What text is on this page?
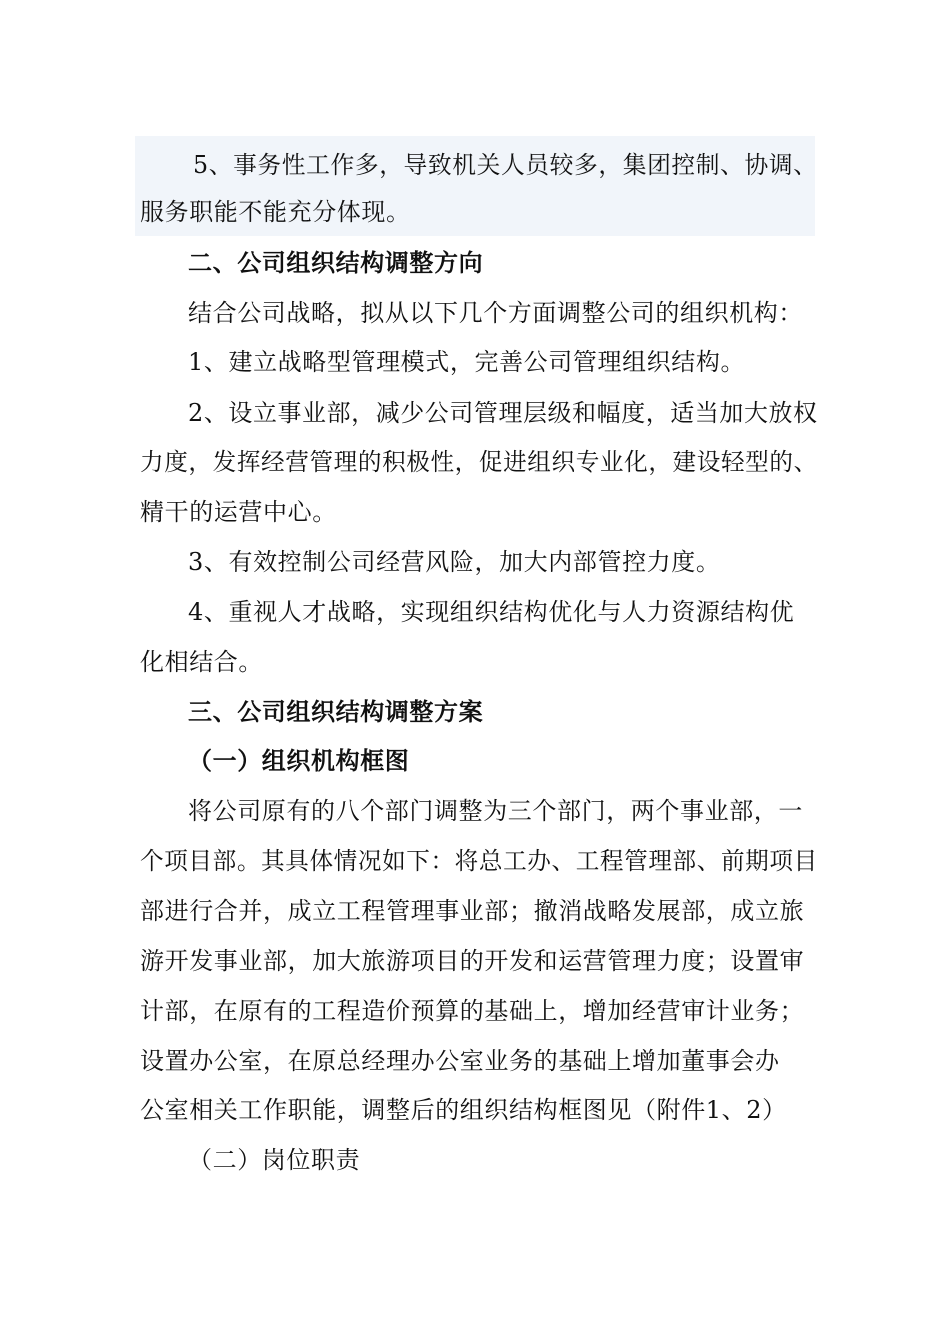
5、事务性工作多，导致机关人员较多，集团控制、协调、
服务职能不能充分体现。
二、公司组织结构调整方向
结合公司战略，拟从以下几个方面调整公司的组织机构：
1、建立战略型管理模式，完善公司管理组织结构。
2、设立事业部，减少公司管理层级和幅度，适当加大放权
力度，发挥经营管理的积极性，促进组织专业化，建设轻型的、
精干的运营中心。
3、有效控制公司经营风险，加大内部管控力度。
4、重视人才战略，实现组织结构优化与人力资源结构优
化相结合。
三、公司组织结构调整方案
（一）组织机构框图
将公司原有的八个部门调整为三个部门，两个事业部，一
个项目部。其具体情况如下：将总工办、工程管理部、前期项目
部进行合并，成立工程管理事业部；撤消战略发展部，成立旅
游开发事业部，加大旅游项目的开发和运营管理力度；设置审
计部，在原有的工程造价预算的基础上，增加经营审计业务；
设置办公室，在原总经理办公室业务的基础上增加董事会办
公室相关工作职能，调整后的组织结构框图见（附件1、2）
（二）岗位职责
